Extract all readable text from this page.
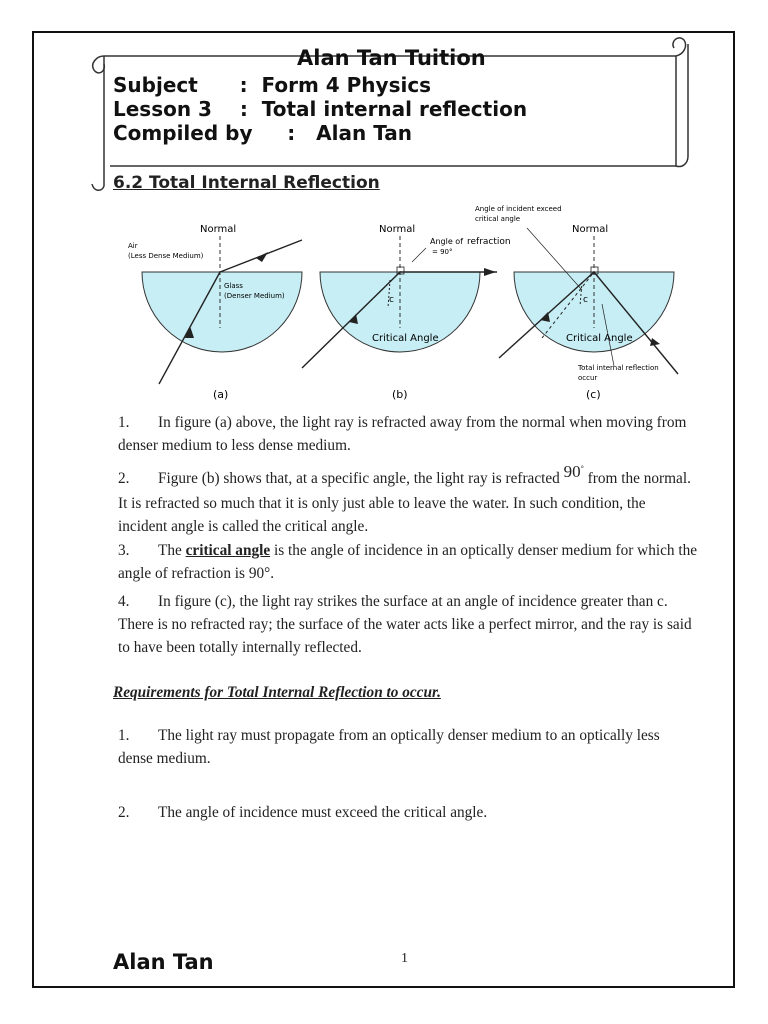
Alan Tan Tuition
Subject      :  Form 4 Physics
Lesson 3    :  Total internal reflection
Compiled by     :   Alan Tan
6.2 Total Internal Reflection
Normal
Air
(Less Dense Medium)
Glass
(Denser Medium)
(a)
Normal
Angle of refraction
= 90°
c
Critical Angle
(b)
Angle of incident exceed
critical angle
Normal
c
Critical Angle
Total internal reflection
occur
(c)
1. In figure (a) above, the light ray is refracted away from the normal when moving from denser medium to less dense medium.
2. Figure (b) shows that, at a specific angle, the light ray is refracted 90° from the normal. It is refracted so much that it is only just able to leave the water. In such condition, the incident angle is called the critical angle.
3. The critical angle is the angle of incidence in an optically denser medium for which the angle of refraction is 90°.
4. In figure (c), the light ray strikes the surface at an angle of incidence greater than c. There is no refracted ray; the surface of the water acts like a perfect mirror, and the ray is said to have been totally internally reflected.
Requirements for Total Internal Reflection to occur.
1. The light ray must propagate from an optically denser medium to an optically less dense medium.
2. The angle of incidence must exceed the critical angle.
Alan Tan	1
